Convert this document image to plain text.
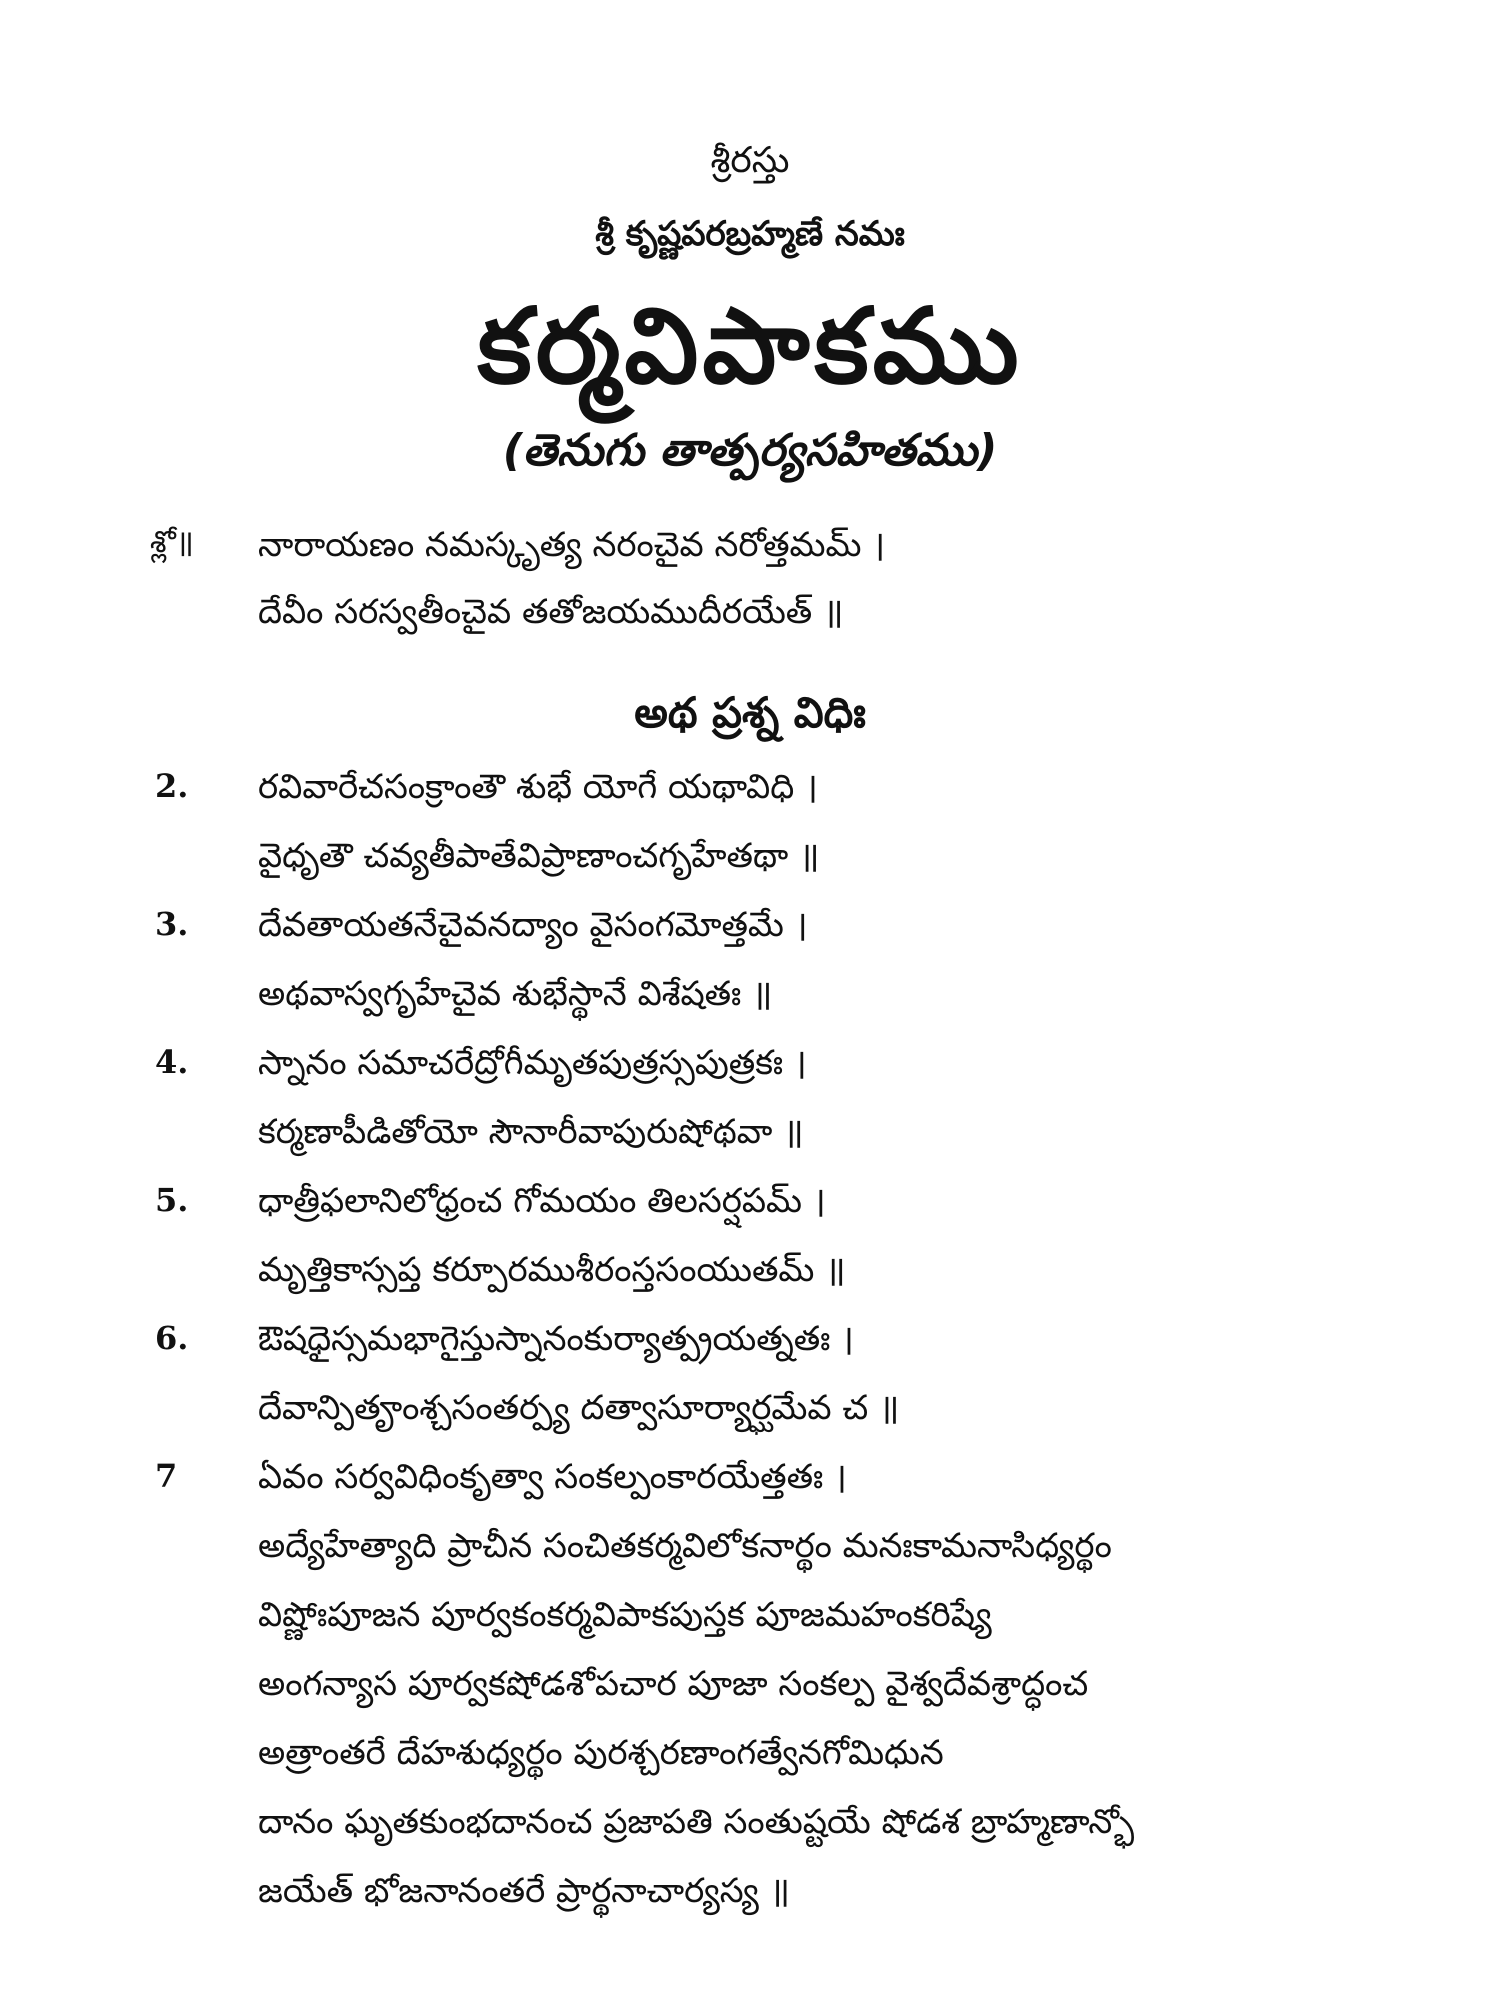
శ్రీరస్తు
శ్రీ కృష్ణపరబ్రహ్మణే నమః
కర్మవిపాకము
(తెనుగు తాత్పర్యసహితము)
శ్లో॥ నారాయణం నమస్కృత్య నరంచైవ నరోత్తమమ్ ।
దేవీం సరస్వతీంచైవ తతోజయముదీరయేత్ ॥
అథ ప్రశ్న విధిః
2. రవివారేచసంక్రాంతౌ శుభే యోగే యథావిధి ।
వైధృతౌ చవ్యతీపాతేవిప్రాణాంచగృహేతథా ॥
3. దేవతాయతనేచైవనద్యాం వైసంగమోత్తమే ।
అథవాస్వగృహేచైవ శుభేస్థానే విశేషతః ॥
4. స్నానం సమాచరేద్రోగీమృతపుత్రస్సపుత్రకః ।
కర్మణాపీడితోయో సౌనారీవాపురుషోథవా ॥
5. ధాత్రీఫలానిలోధ్రంచ గోమయం తిలసర్షపమ్ ।
మృత్తికాస్సప్త కర్పూరముశీరంస్తసంయుతమ్ ॥
6. ఔషధైస్సమభాగైస్తుస్నానంకుర్యాత్ప్రయత్నతః ।
దేవాన్పితౄంశ్చసంతర్ప్య దత్వాసూర్యార్ఘమేవ చ ॥
7 ఏవం సర్వవిధింకృత్వా సంకల్పంకారయేత్తతః ।
అద్యేహేత్యాది ప్రాచీన సంచితకర్మవిలోకనార్థం మనఃకామనాసిధ్యర్థం
విష్ణోఃపూజన పూర్వకంకర్మవిపాకపుస్తక పూజమహంకరిష్యే
అంగన్యాస పూర్వకషోడశోపచార పూజా సంకల్ప వైశ్వదేవశ్రాద్ధంచ
అత్రాంతరే దేహశుధ్యర్థం పురశ్చరణాంగత్వేనగోమిధున
దానం ఘృతకుంభదానంచ ప్రజాపతి సంతుష్టయే షోడశ బ్రాహ్మణాన్భో
జయేత్ భోజనానంతరే ప్రార్థనాచార్యస్య ॥
